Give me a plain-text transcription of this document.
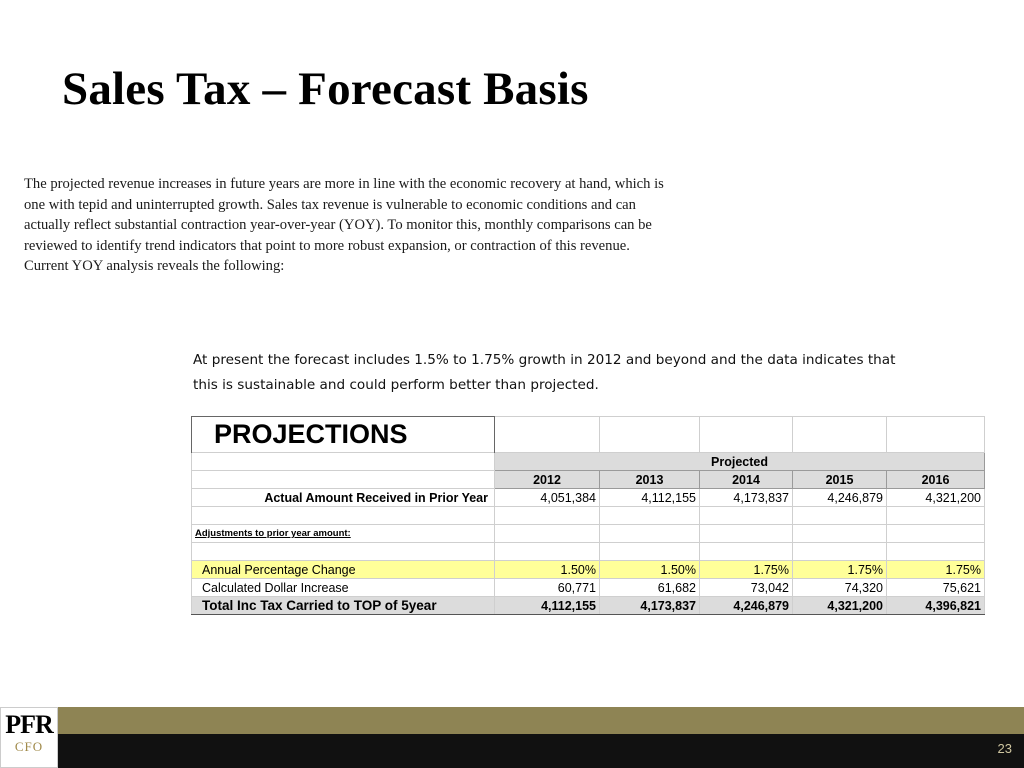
Sales Tax – Forecast Basis
The projected revenue increases in future years are more in line with the economic recovery at hand, which is
one with tepid and uninterrupted growth. Sales tax revenue is vulnerable to economic conditions and can
actually reflect substantial contraction year-over-year (YOY). To monitor this, monthly comparisons can be
reviewed to identify trend indicators that point to more robust expansion, or contraction of this revenue.
Current YOY analysis reveals the following:
At present the forecast includes 1.5% to 1.75% growth in 2012 and beyond and the data indicates that
this is sustainable and could perform better than projected.
PROJECTIONS					
	Projected				
	2012	2013	2014	2015	2016
Actual Amount Received in Prior Year	4,051,384	4,112,155	4,173,837	4,246,879	4,321,200

Adjustments to prior year amount:					

Annual Percentage Change	1.50%	1.50%	1.75%	1.75%	1.75%
Calculated Dollar Increase	60,771	61,682	73,042	74,320	75,621
Total Inc Tax Carried to TOP of 5year	4,112,155	4,173,837	4,246,879	4,321,200	4,396,821
PFR
CFO	23
